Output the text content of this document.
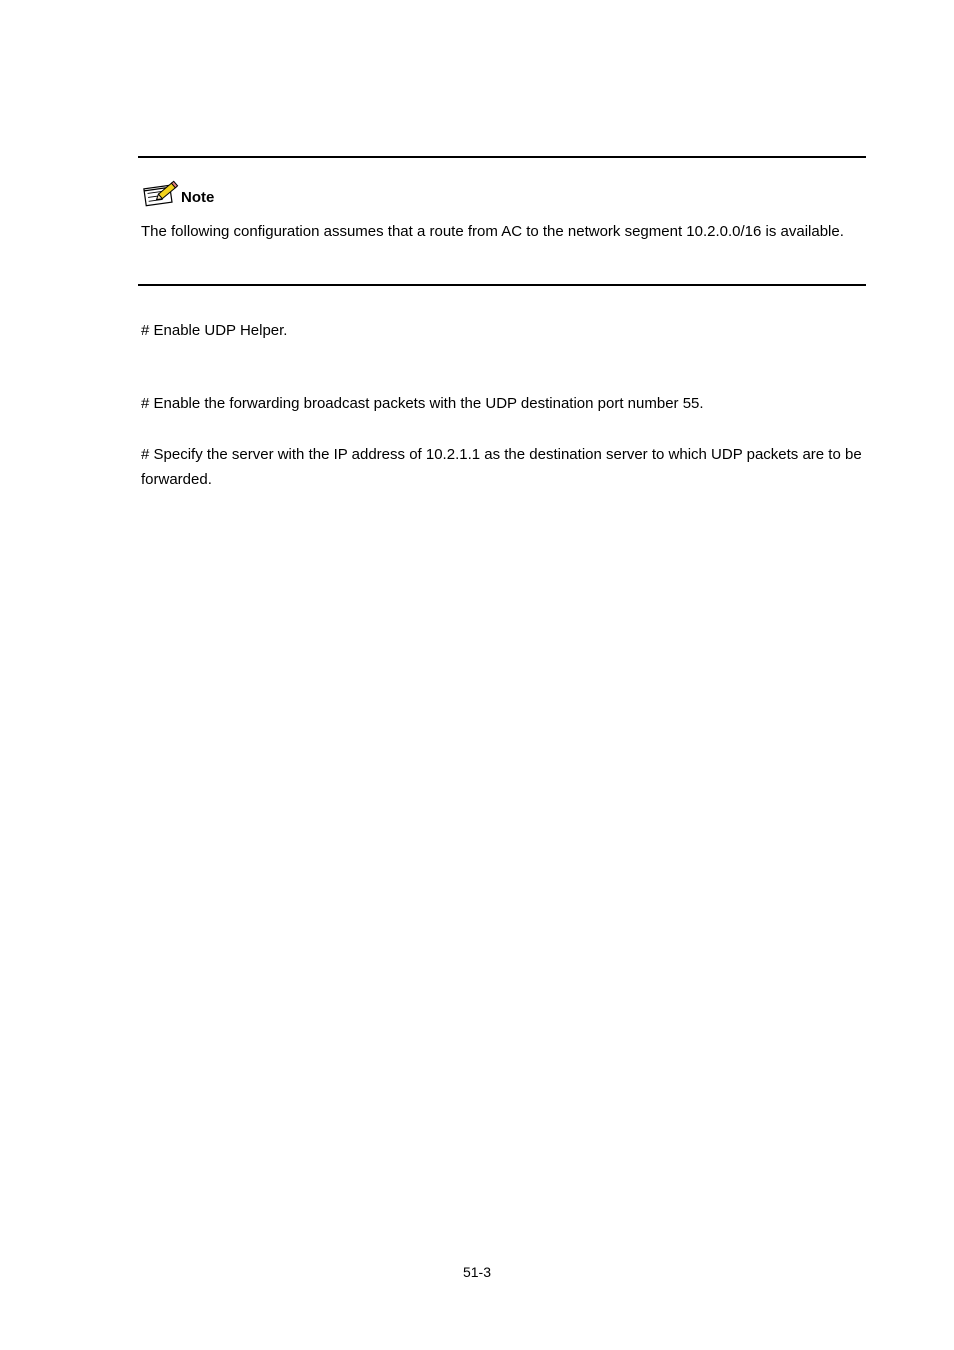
Note
The following configuration assumes that a route from AC to the network segment 10.2.0.0/16 is available.
# Enable UDP Helper.
# Enable the forwarding broadcast packets with the UDP destination port number 55.
# Specify the server with the IP address of 10.2.1.1 as the destination server to which UDP packets are to be forwarded.
51-3
